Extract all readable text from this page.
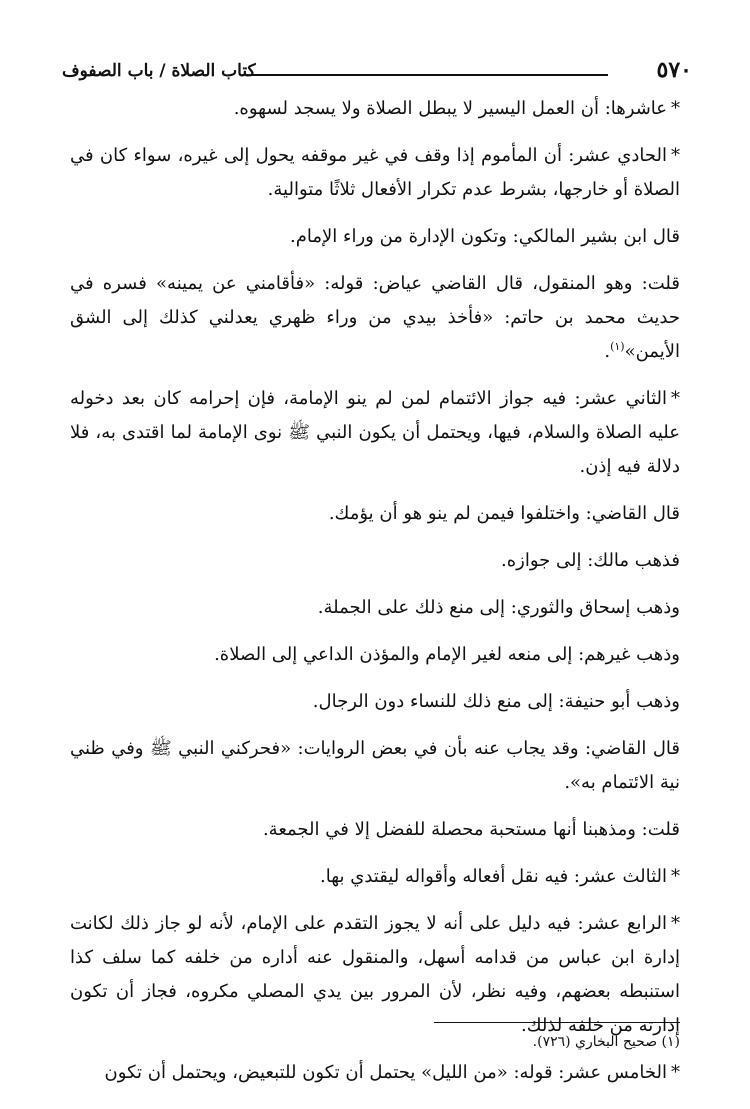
٥٧٠
كتاب الصلاة / باب الصفوف

*عاشرها: أن العمل اليسير لا يبطل الصلاة ولا يسجد لسهوه.

*الحادي عشر: أن المأموم إذا وقف في غير موقفه يحول إلى غيره، سواء كان في الصلاة أو خارجها، بشرط عدم تكرار الأفعال ثلاثًا متوالية.

قال ابن بشير المالكي: وتكون الإدارة من وراء الإمام.

قلت: وهو المنقول، قال القاضي عياض: قوله: «فأقامني عن يمينه» فسره في حديث محمد بن حاتم: «فأخذ بيدي من وراء ظهري يعدلني كذلك إلى الشق الأيمن»$^{(١)}$.

*الثاني عشر: فيه جواز الائتمام لمن لم ينو الإمامة، فإن إحرامه كان بعد دخوله عليه الصلاة والسلام، فيها، ويحتمل أن يكون النبي ﷺ نوى الإمامة لما اقتدى به، فلا دلالة فيه إذن.

قال القاضي: واختلفوا فيمن لم ينو هو أن يؤمك.

فذهب مالك: إلى جوازه.

وذهب إسحاق والثوري: إلى منع ذلك على الجملة.

وذهب غيرهم: إلى منعه لغير الإمام والمؤذن الداعي إلى الصلاة.

وذهب أبو حنيفة: إلى منع ذلك للنساء دون الرجال.

قال القاضي: وقد يجاب عنه بأن في بعض الروايات: «فحركني النبي ﷺ وفي ظني نية الائتمام به».

قلت: ومذهبنا أنها مستحبة محصلة للفضل إلا في الجمعة.

*الثالث عشر: فيه نقل أفعاله وأقواله ليقتدي بها.

*الرابع عشر: فيه دليل على أنه لا يجوز التقدم على الإمام، لأنه لو جاز ذلك لكانت إدارة ابن عباس من قدامه أسهل، والمنقول عنه أداره من خلفه كما سلف كذا استنبطه بعضهم، وفيه نظر، لأن المرور بين يدي المصلي مكروه، فجاز أن تكون إدارته من خلفه لذلك.

*الخامس عشر: قوله: «من الليل» يحتمل أن تكون للتبعيض، ويحتمل أن تكون

(١) صحيح البخاري (٧٢٦).
